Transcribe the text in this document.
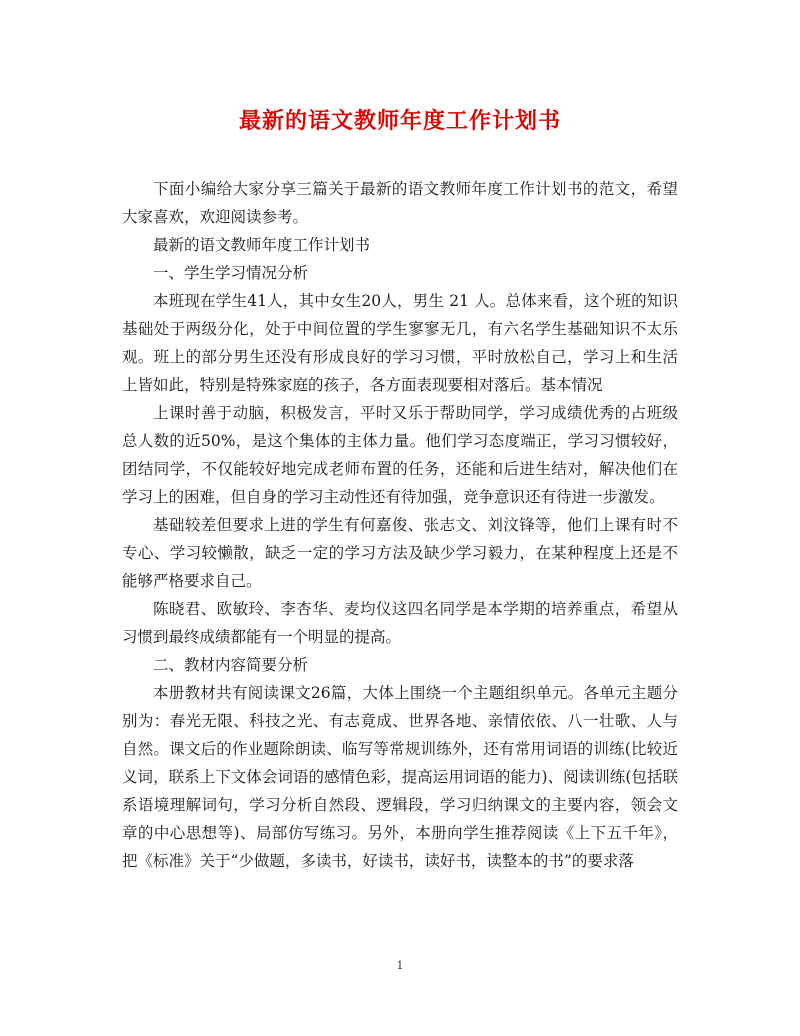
最新的语文教师年度工作计划书

下面小编给大家分享三篇关于最新的语文教师年度工作计划书的范文，希望大家喜欢，欢迎阅读参考。

最新的语文教师年度工作计划书

一、学生学习情况分析

本班现在学生41人，其中女生20人，男生 21 人。总体来看，这个班的知识基础处于两级分化，处于中间位置的学生寥寥无几，有六名学生基础知识不太乐观。班上的部分男生还没有形成良好的学习习惯，平时放松自己，学习上和生活上皆如此，特别是特殊家庭的孩子，各方面表现要相对落后。基本情况

上课时善于动脑，积极发言，平时又乐于帮助同学，学习成绩优秀的占班级总人数的近50%，是这个集体的主体力量。他们学习态度端正，学习习惯较好，团结同学，不仅能较好地完成老师布置的任务，还能和后进生结对，解决他们在学习上的困难，但自身的学习主动性还有待加强，竞争意识还有待进一步激发。

基础较差但要求上进的学生有何嘉俊、张志文、刘汶锋等，他们上课有时不专心、学习较懒散，缺乏一定的学习方法及缺少学习毅力，在某种程度上还是不能够严格要求自己。

陈晓君、欧敏玲、李杏华、麦均仪这四名同学是本学期的培养重点，希望从习惯到最终成绩都能有一个明显的提高。

二、教材内容简要分析

本册教材共有阅读课文26篇，大体上围绕一个主题组织单元。各单元主题分别为：春光无限、科技之光、有志竟成、世界各地、亲情依依、八一壮歌、人与自然。课文后的作业题除朗读、临写等常规训练外，还有常用词语的训练(比较近义词，联系上下文体会词语的感情色彩，提高运用词语的能力)、阅读训练(包括联系语境理解词句，学习分析自然段、逻辑段，学习归纳课文的主要内容，领会文章的中心思想等)、局部仿写练习。另外，本册向学生推荐阅读《上下五千年》，把《标准》关于“少做题，多读书，好读书，读好书，读整本的书”的要求落

1
